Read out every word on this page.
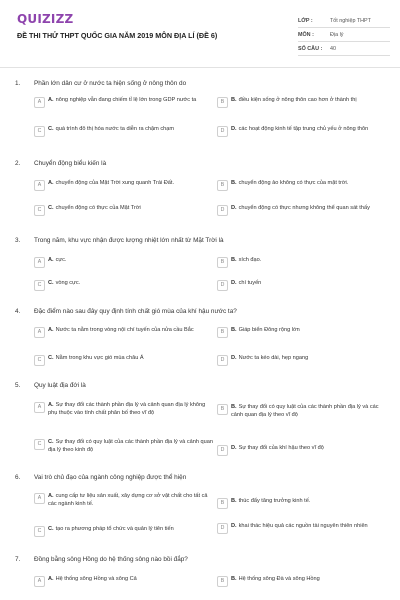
QUIZIZZ
ĐỀ THI THỬ THPT QUỐC GIA NĂM 2019 MÔN ĐỊA LÍ (ĐỀ 6)
LỚP :	Tốt nghiệp THPT
MÔN :	Địa lý
SỐ CÂU :	40
1.	Phần lớn dân cư ở nước ta hiện sống ở nông thôn do
A	A. nông nghiệp vẫn đang chiếm tỉ lệ lớn trong GDP nước ta	B	B. điều kiện sống ở nông thôn cao hơn ở thành thị
C	C. quá trình đô thị hóa nước ta diễn ra chậm chạm	D	D. các hoạt động kinh tế tập trung chủ yếu ở nông thôn
2.	Chuyển động biểu kiến là
A	A. chuyển động của Mặt Trời xung quanh Trái Đất.	B	B. chuyển động ảo không có thực của mặt trời.
C	C. chuyển động có thực của Mặt Trời	D	D. chuyển động có thực nhưng không thể quan sát thấy
3.	Trong năm, khu vực nhận được lượng nhiệt lớn nhất từ Mặt Trời là
A	A. cực.	B	B. xích đạo.
C	C. vòng cực.	D	D. chí tuyến
4.	Đặc điểm nào sau đây quy định tính chất gió mùa của khí hậu nước ta?
A	A. Nước ta nằm trong vòng nội chí tuyến của nửa cầu Bắc	B	B. Giáp biển Đông rộng lớn
C	C. Nằm trong khu vực gió mùa châu Á	D	D. Nước ta kéo dài, hẹp ngang
5.	Quy luật địa đới là
A	A. Sự thay đổi các thành phần địa lý và cảnh quan địa lý không phụ thuộc vào tính chất phân bố theo vĩ độ
B	B. Sự thay đổi có quy luật của các thành phần địa lý và các cảnh quan địa lý theo vĩ độ
C	C. Sự thay đổi có quy luật của các thành phần địa lý và cảnh quan địa lý theo kinh độ	D	D. Sự thay đổi của khí hậu theo vĩ độ
6.	Vai trò chủ đạo của ngành công nghiệp được thể hiện
A	A. cung cấp tư liệu sản xuất, xây dựng cơ sở vật chất cho tất cả các ngành kinh tế.	B	B. thúc đẩy tăng trưởng kinh tế.
C	C. tạo ra phương pháp tổ chức và quản lý tiên tiến	D	D. khai thác hiệu quả các nguồn tài nguyên thiên nhiên
7.	Đồng bằng sông Hồng do hệ thống sông nào bồi đắp?
A	A. Hệ thống sông Hồng và sông Cả	B	B. Hệ thống sông Đà và sông Hồng
